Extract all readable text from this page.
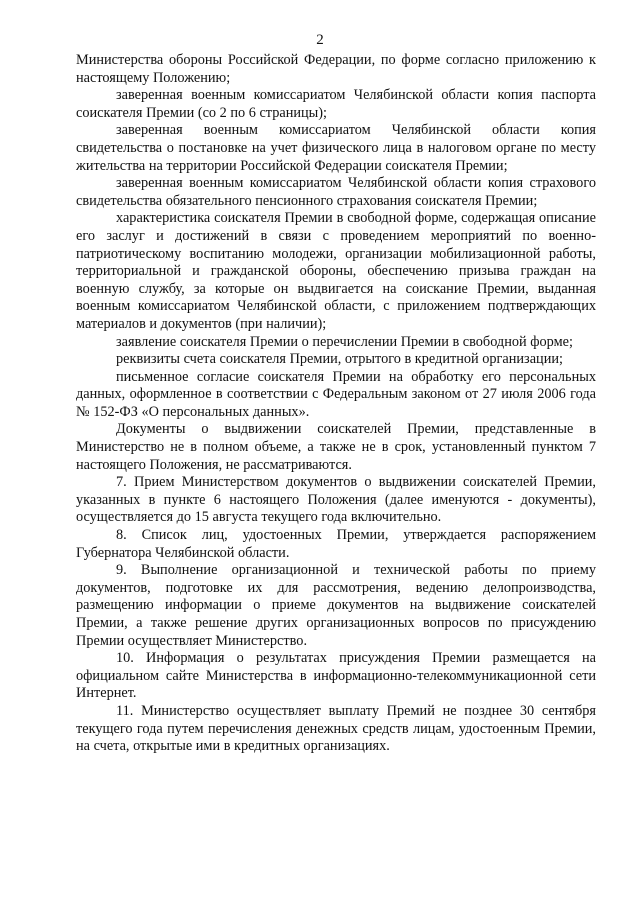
2

Министерства обороны Российской Федерации, по форме согласно приложению к настоящему Положению;

заверенная военным комиссариатом Челябинской области копия паспорта соискателя Премии (со 2 по 6 страницы);

заверенная военным комиссариатом Челябинской области копия свидетельства о постановке на учет физического лица в налоговом органе по месту жительства на территории Российской Федерации соискателя Премии;

заверенная военным комиссариатом Челябинской области копия страхового свидетельства обязательного пенсионного страхования соискателя Премии;

характеристика соискателя Премии в свободной форме, содержащая описание его заслуг и достижений в связи с проведением мероприятий по военно-патриотическому воспитанию молодежи, организации мобилизационной работы, территориальной и гражданской обороны, обеспечению призыва граждан на военную службу, за которые он выдвигается на соискание Премии, выданная военным комиссариатом Челябинской области, с приложением подтверждающих материалов и документов (при наличии);

заявление соискателя Премии о перечислении Премии в свободной форме;

реквизиты счета соискателя Премии, отрытого в кредитной организации;

письменное согласие соискателя Премии на обработку его персональных данных, оформленное в соответствии с Федеральным законом от 27 июля 2006 года № 152-ФЗ «О персональных данных».

Документы о выдвижении соискателей Премии, представленные в Министерство не в полном объеме, а также не в срок, установленный пунктом 7 настоящего Положения, не рассматриваются.

7. Прием Министерством документов о выдвижении соискателей Премии, указанных в пункте 6 настоящего Положения (далее именуются - документы), осуществляется до 15 августа текущего года включительно.

8. Список лиц, удостоенных Премии, утверждается распоряжением Губернатора Челябинской области.

9. Выполнение организационной и технической работы по приему документов, подготовке их для рассмотрения, ведению делопроизводства, размещению информации о приеме документов на выдвижение соискателей Премии, а также решение других организационных вопросов по присуждению Премии осуществляет Министерство.

10. Информация о результатах присуждения Премии размещается на официальном сайте Министерства в информационно-телекоммуникационной сети Интернет.

11. Министерство осуществляет выплату Премий не позднее 30 сентября текущего года путем перечисления денежных средств лицам, удостоенным Премии, на счета, открытые ими в кредитных организациях.
